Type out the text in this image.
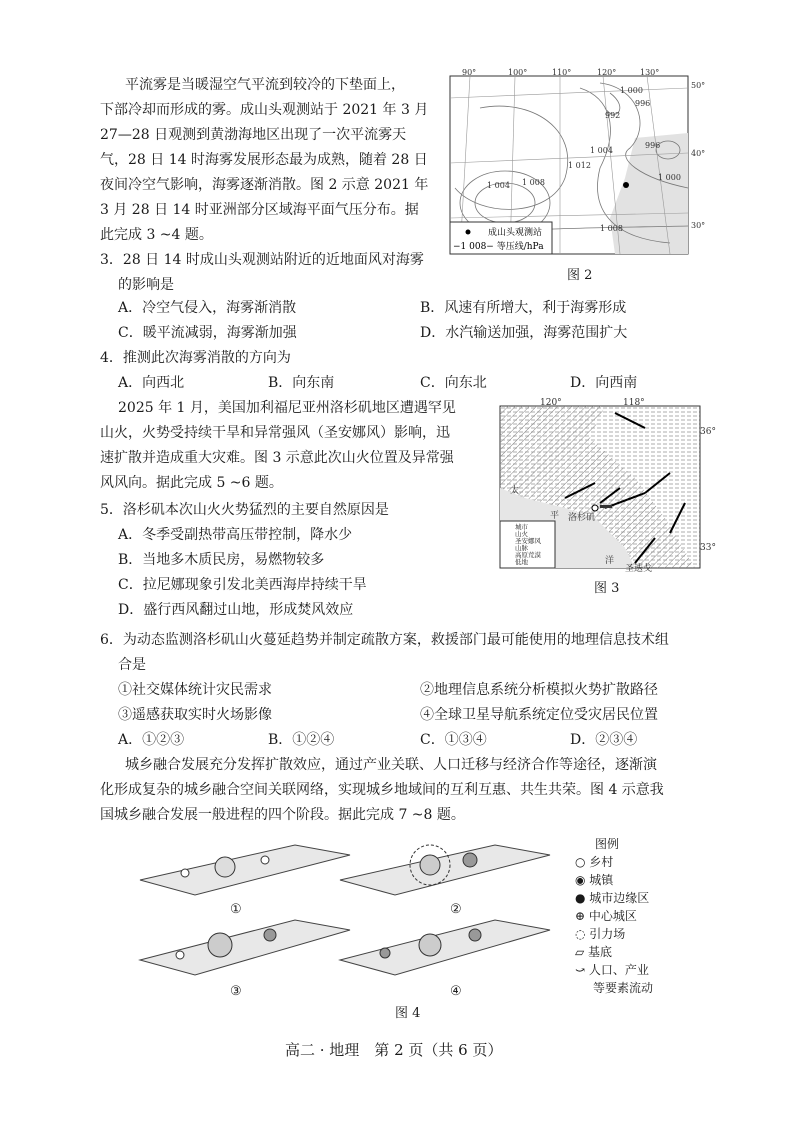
平流雾是当暖湿空气平流到较冷的下垫面上，
下部冷却而形成的雾。成山头观测站于 2021 年 3 月
27—28 日观测到黄渤海地区出现了一次平流雾天
气，28 日 14 时海雾发展形态最为成熟，随着 28 日
夜间冷空气影响，海雾逐渐消散。图 2 示意 2021 年
3 月 28 日 14 时亚洲部分区域海平面气压分布。据
此完成 3 ~4 题。
3．28 日 14 时成山头观测站附近的近地面风对海雾
的影响是
A．冷空气侵入，海雾渐消散	B．风速有所增大，利于海雾形成
C．暖平流减弱，海雾渐加强	D．水汽输送加强，海雾范围扩大
4．推测此次海雾消散的方向为
A．向西北	B．向东南	C．向东北	D．向西南
2025 年 1 月，美国加利福尼亚州洛杉矶地区遭遇罕见
山火，火势受持续干旱和异常强风（圣安娜风）影响，迅
速扩散并造成重大灾难。图 3 示意此次山火位置及异常强
风风向。据此完成 5 ~6 题。
5．洛杉矶本次山火火势猛烈的主要自然原因是
A．冬季受副热带高压带控制，降水少
B．当地多木质民房，易燃物较多
C．拉尼娜现象引发北美西海岸持续干旱
D．盛行西风翻过山地，形成焚风效应
6．为动态监测洛杉矶山火蔓延趋势并制定疏散方案，救援部门最可能使用的地理信息技术组
合是
①社交媒体统计灾民需求	②地理信息系统分析模拟火势扩散路径
③遥感获取实时火场影像	④全球卫星导航系统定位受灾居民位置
A．①②③	B．①②④	C．①③④	D．②③④
城乡融合发展充分发挥扩散效应，通过产业关联、人口迁移与经济合作等途径，逐渐演
化形成复杂的城乡融合空间关联网络，实现城乡地域间的互利互惠、共生共荣。图 4 示意我
国城乡融合发展一般进程的四个阶段。据此完成 7 ~8 题。
90°	100°	110°	120°	130°
50°
40°
30°
1 000
996
992
1 012
1 004
996
1 000
1 004 1 008
1 008
成山头观测站
−1 008− 等压线/hPa
图 2
120°	118°
36°
33°
太
平
洋
洛杉矶
圣迭戈
城市
山火
圣安娜风
山脉
高原荒漠
低地
图 3
①	②
③	④
图例
○ 乡村
◉ 城镇
● 城市边缘区
⊕ 中心城区
◌ 引力场
▱ 基底
⤻ 人口、产业
等要素流动
图 4
高二 · 地理　第 2 页（共 6 页）
